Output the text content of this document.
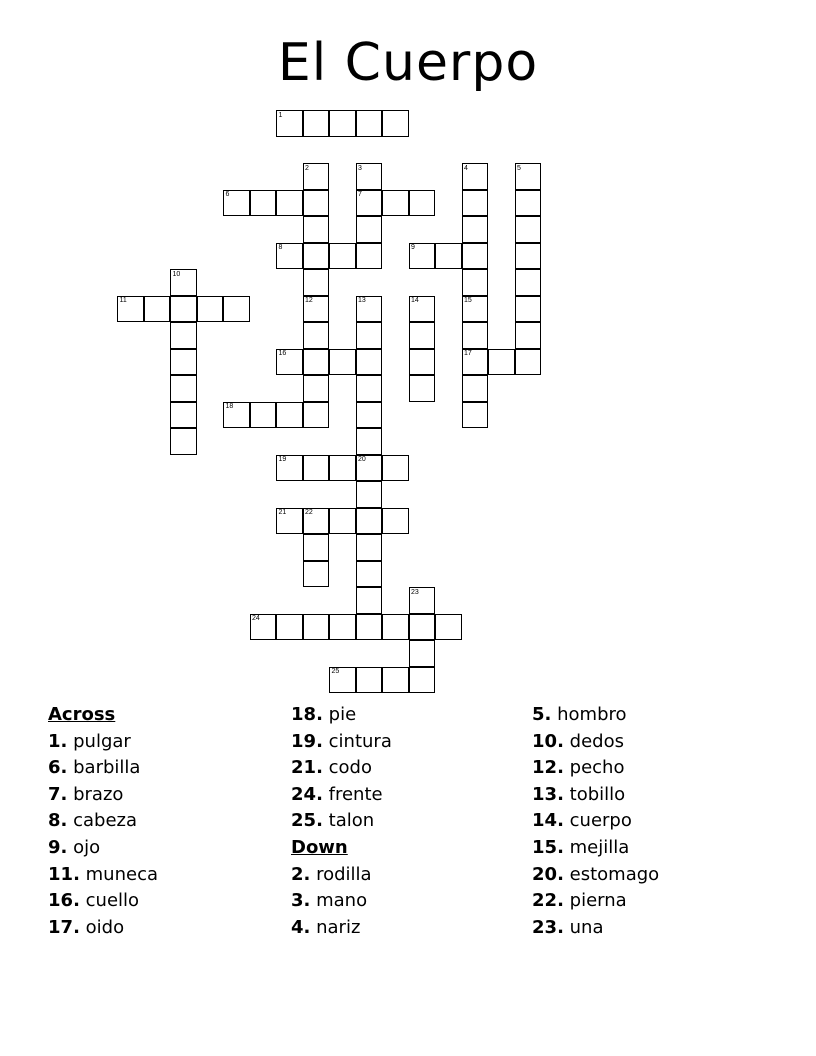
El Cuerpo
1
2	3	4	5
6	7
8	9
10
11	12	13	14	15
16	17
18
19	20
21	22
23
24
25
Across
1. pulgar
6. barbilla
7. brazo
8. cabeza
9. ojo
11. muneca
16. cuello
17. oido
18. pie
19. cintura
21. codo
24. frente
25. talon
Down
2. rodilla
3. mano
4. nariz
5. hombro
10. dedos
12. pecho
13. tobillo
14. cuerpo
15. mejilla
20. estomago
22. pierna
23. una
